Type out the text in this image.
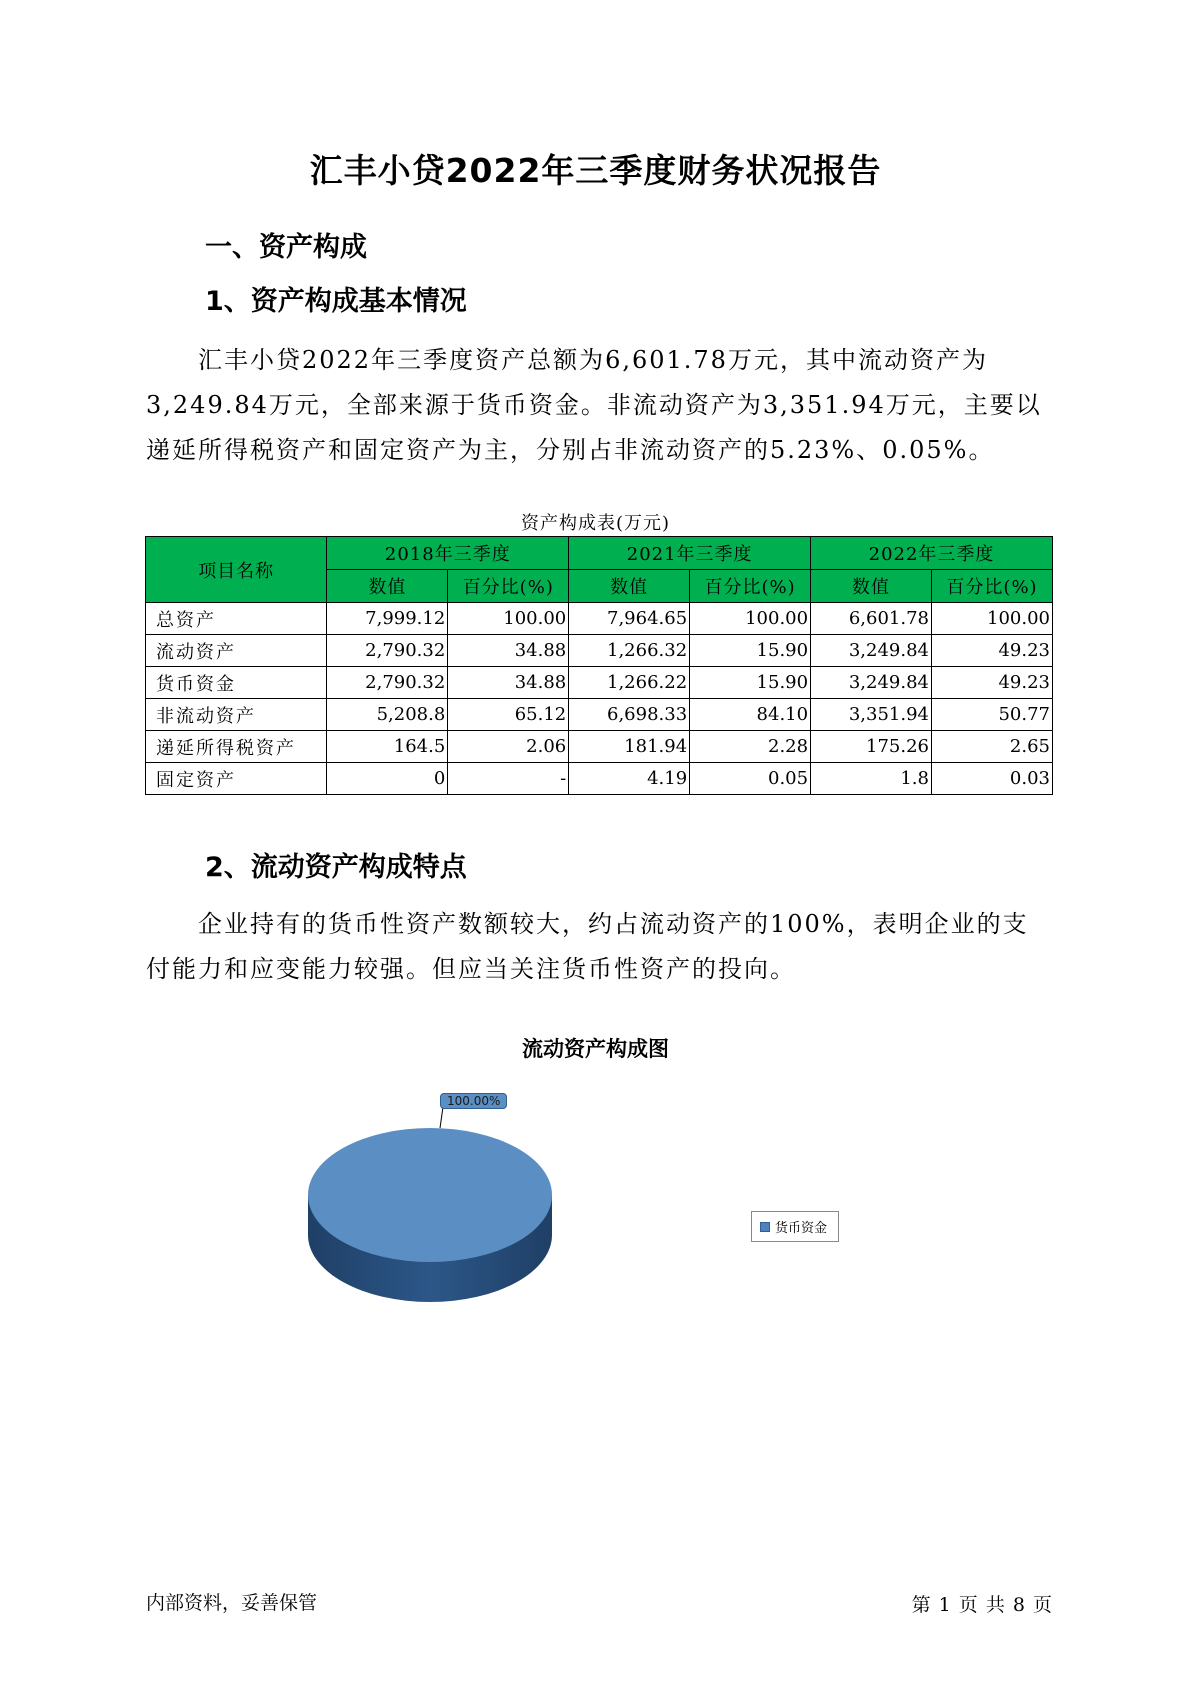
汇丰小贷2022年三季度财务状况报告
一、资产构成
1、资产构成基本情况

汇丰小贷2022年三季度资产总额为6,601.78万元，其中流动资产为3,249.84万元，全部来源于货币资金。非流动资产为3,351.94万元，主要以递延所得税资产和固定资产为主，分别占非流动资产的5.23%、0.05%。

资产构成表(万元)
项目名称	2018年三季度		2021年三季度		2022年三季度	
	数值	百分比(%)	数值	百分比(%)	数值	百分比(%)
总资产	7,999.12	100.00	7,964.65	100.00	6,601.78	100.00
流动资产	2,790.32	34.88	1,266.32	15.90	3,249.84	49.23
货币资金	2,790.32	34.88	1,266.22	15.90	3,249.84	49.23
非流动资产	5,208.8	65.12	6,698.33	84.10	3,351.94	50.77
递延所得税资产	164.5	2.06	181.94	2.28	175.26	2.65
固定资产	0	-	4.19	0.05	1.8	0.03
2、流动资产构成特点

企业持有的货币性资产数额较大，约占流动资产的100%，表明企业的支付能力和应变能力较强。但应当关注货币性资产的投向。

流动资产构成图
100.00%
货币资金
内部资料，妥善保管	第 1 页 共 8 页
